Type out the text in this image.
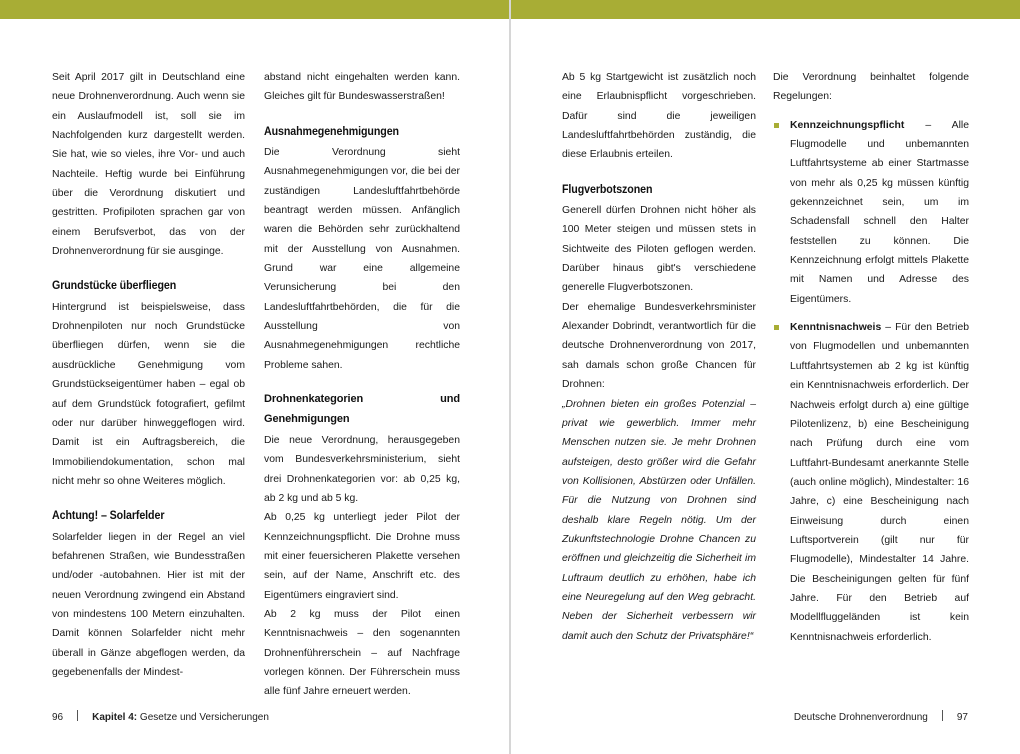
Seit April 2017 gilt in Deutschland eine neue Drohnenverordnung. Auch wenn sie ein Auslaufmodell ist, soll sie im Nachfolgenden kurz dargestellt werden. Sie hat, wie so vieles, ihre Vor- und auch Nachteile. Heftig wurde bei Einführung über die Verordnung diskutiert und gestritten. Profipiloten sprachen gar von einem Berufsverbot, das von der Drohnenverordnung für sie ausginge.

Grundstücke überfliegen

Hintergrund ist beispielsweise, dass Drohnenpiloten nur noch Grundstücke überfliegen dürfen, wenn sie die ausdrückliche Genehmigung vom Grundstückseigentümer haben – egal ob auf dem Grundstück fotografiert, gefilmt oder nur darüber hinweggeflogen wird. Damit ist ein Auftragsbereich, die Immobiliendokumentation, schon mal nicht mehr so ohne Weiteres möglich.

Achtung! – Solarfelder

Solarfelder liegen in der Regel an viel befahrenen Straßen, wie Bundesstraßen und/oder -autobahnen. Hier ist mit der neuen Verordnung zwingend ein Abstand von mindestens 100 Metern einzuhalten. Damit können Solarfelder nicht mehr überall in Gänze abgeflogen werden, da gegebenenfalls der Mindest-

abstand nicht eingehalten werden kann. Gleiches gilt für Bundeswasserstraßen!

Ausnahmegenehmigungen

Die Verordnung sieht Ausnahmegenehmigungen vor, die bei der zuständigen Landesluftfahrtbehörde beantragt werden müssen. Anfänglich waren die Behörden sehr zurückhaltend mit der Ausstellung von Ausnahmen. Grund war eine allgemeine Verunsicherung bei den Landesluftfahrtbehörden, die für die Ausstellung von Ausnahmegenehmigungen rechtliche Probleme sahen.

Drohnenkategorien und Genehmigungen

Die neue Verordnung, herausgegeben vom Bundesverkehrsministerium, sieht drei Drohnenkategorien vor: ab 0,25 kg, ab 2 kg und ab 5 kg.

Ab 0,25 kg unterliegt jeder Pilot der Kennzeichnungspflicht. Die Drohne muss mit einer feuersicheren Plakette versehen sein, auf der Name, Anschrift etc. des Eigentümers eingraviert sind.

Ab 2 kg muss der Pilot einen Kenntnisnachweis – den sogenannten Drohnenführerschein – auf Nachfrage vorlegen können. Der Führerschein muss alle fünf Jahre erneuert werden.

96	Kapitel 4: Gesetze und Versicherungen

Ab 5 kg Startgewicht ist zusätzlich noch eine Erlaubnispflicht vorgeschrieben. Dafür sind die jeweiligen Landesluftfahrtbehörden zuständig, die diese Erlaubnis erteilen.

Flugverbotszonen

Generell dürfen Drohnen nicht höher als 100 Meter steigen und müssen stets in Sichtweite des Piloten geflogen werden. Darüber hinaus gibt's verschiedene generelle Flugverbotszonen.

Der ehemalige Bundesverkehrsminister Alexander Dobrindt, verantwortlich für die deutsche Drohnenverordnung von 2017, sah damals schon große Chancen für Drohnen:

„Drohnen bieten ein großes Potenzial – privat wie gewerblich. Immer mehr Menschen nutzen sie. Je mehr Drohnen aufsteigen, desto größer wird die Gefahr von Kollisionen, Abstürzen oder Unfällen. Für die Nutzung von Drohnen sind deshalb klare Regeln nötig. Um der Zukunftstechnologie Drohne Chancen zu eröffnen und gleichzeitig die Sicherheit im Luftraum deutlich zu erhöhen, habe ich eine Neuregelung auf den Weg gebracht. Neben der Sicherheit verbessern wir damit auch den Schutz der Privatsphäre!“

Die Verordnung beinhaltet folgende Regelungen:

Kennzeichnungspflicht – Alle Flugmodelle und unbemannten Luftfahrtsysteme ab einer Startmasse von mehr als 0,25 kg müssen künftig gekennzeichnet sein, um im Schadensfall schnell den Halter feststellen zu können. Die Kennzeichnung erfolgt mittels Plakette mit Namen und Adresse des Eigentümers.
Kenntnisnachweis – Für den Betrieb von Flugmodellen und unbemannten Luftfahrtsystemen ab 2 kg ist künftig ein Kenntnisnachweis erforderlich. Der Nachweis erfolgt durch a) eine gültige Pilotenlizenz, b) eine Bescheinigung nach Prüfung durch eine vom Luftfahrt-Bundesamt anerkannte Stelle (auch online möglich), Mindestalter: 16 Jahre, c) eine Bescheinigung nach Einweisung durch einen Luftsportverein (gilt nur für Flugmodelle), Mindestalter 14 Jahre. Die Bescheinigungen gelten für fünf Jahre. Für den Betrieb auf Modellfluggeländen ist kein Kenntnisnachweis erforderlich.
Deutsche Drohnenverordnung	97
